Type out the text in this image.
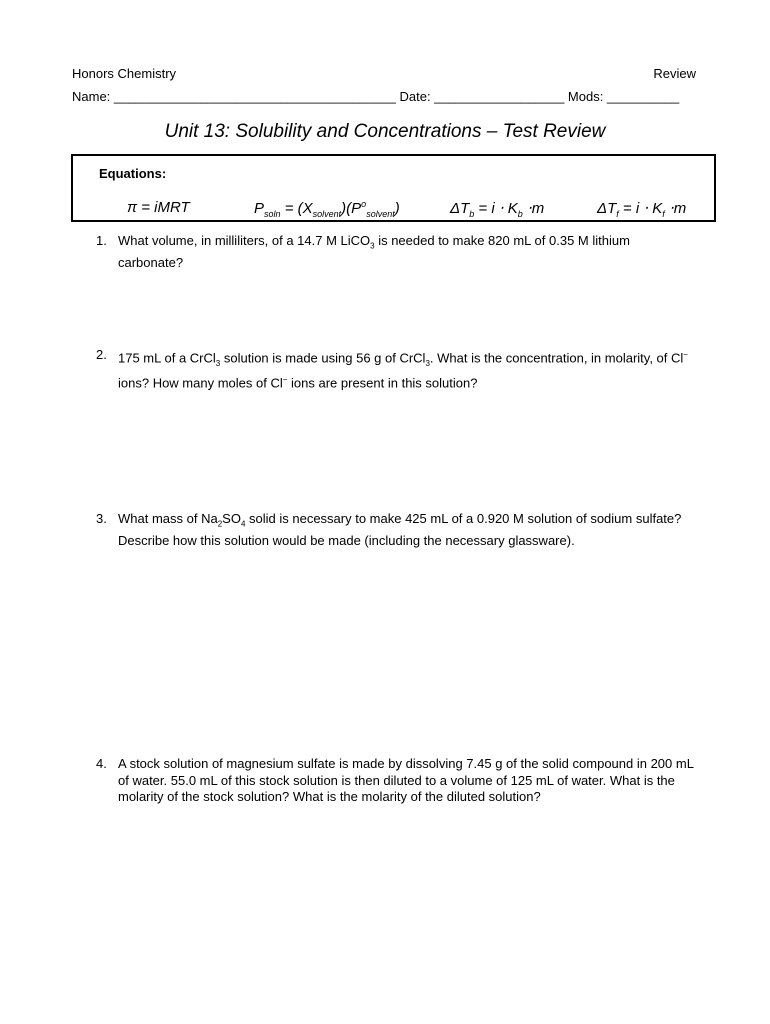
Honors Chemistry	Review
Name: _______________________________________ Date: __________________ Mods: __________
Unit 13: Solubility and Concentrations – Test Review
Equations:
π = iMRT	$P_{soln} = (X_{solvent})(P^o_{solvent})$	$\Delta T_b = i \cdot K_b \cdot m$	$\Delta T_f = i \cdot K_f \cdot m$
1. What volume, in milliliters, of a 14.7 M LiCO$_3$ is needed to make 820 mL of 0.35 M lithium carbonate?
2. 175 mL of a CrCl$_3$ solution is made using 56 g of CrCl$_3$. What is the concentration, in molarity, of Cl− ions? How many moles of Cl− ions are present in this solution?
3. What mass of $Na_2SO_4$ solid is necessary to make 425 mL of a 0.920 M solution of sodium sulfate? Describe how this solution would be made (including the necessary glassware).
4. A stock solution of magnesium sulfate is made by dissolving 7.45 g of the solid compound in 200 mL of water. 55.0 mL of this stock solution is then diluted to a volume of 125 mL of water. What is the molarity of the stock solution? What is the molarity of the diluted solution?
